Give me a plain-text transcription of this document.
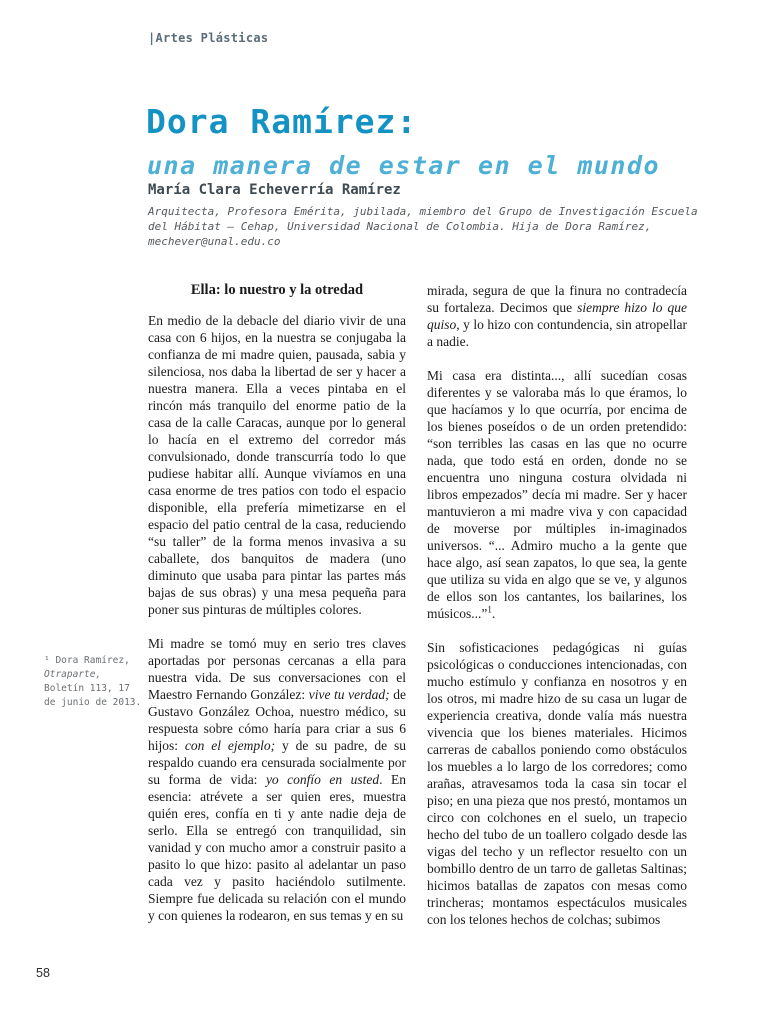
|Artes Plásticas
Dora Ramírez:
una manera de estar en el mundo
María Clara Echeverría Ramírez
Arquitecta, Profesora Emérita, jubilada, miembro del Grupo de Investigación Escuela del Hábitat – Cehap, Universidad Nacional de Colombia. Hija de Dora Ramírez, mechever@unal.edu.co
Ella: lo nuestro y la otredad

En medio de la debacle del diario vivir de una casa con 6 hijos, en la nuestra se conjugaba la confianza de mi madre quien, pausada, sabia y silenciosa, nos daba la libertad de ser y hacer a nuestra manera. Ella a veces pintaba en el rincón más tranquilo del enorme patio de la casa de la calle Caracas, aunque por lo general lo hacía en el extremo del corredor más convulsionado, donde transcurría todo lo que pudiese habitar allí. Aunque vivíamos en una casa enorme de tres patios con todo el espacio disponible, ella prefería mimetizarse en el espacio del patio central de la casa, reduciendo “su taller” de la forma menos invasiva a su caballete, dos banquitos de madera (uno diminuto que usaba para pintar las partes más bajas de sus obras) y una mesa pequeña para poner sus pinturas de múltiples colores.

Mi madre se tomó muy en serio tres claves aportadas por personas cercanas a ella para nuestra vida. De sus conversaciones con el Maestro Fernando González: vive tu verdad; de Gustavo González Ochoa, nuestro médico, su respuesta sobre cómo haría para criar a sus 6 hijos: con el ejemplo; y de su padre, de su respaldo cuando era censurada socialmente por su forma de vida: yo confío en usted. En esencia: atrévete a ser quien eres, muestra quién eres, confía en ti y ante nadie deja de serlo. Ella se entregó con tranquilidad, sin vanidad y con mucho amor a construir pasito a pasito lo que hizo: pasito al adelantar un paso cada vez y pasito haciéndolo sutilmente. Siempre fue delicada su relación con el mundo y con quienes la rodearon, en sus temas y en su

mirada, segura de que la finura no contradecía su fortaleza. Decimos que siempre hizo lo que quiso, y lo hizo con contundencia, sin atropellar a nadie.

Mi casa era distinta..., allí sucedían cosas diferentes y se valoraba más lo que éramos, lo que hacíamos y lo que ocurría, por encima de los bienes poseídos o de un orden pretendido: “son terribles las casas en las que no ocurre nada, que todo está en orden, donde no se encuentra uno ninguna costura olvidada ni libros empezados” decía mi madre. Ser y hacer mantuvieron a mi madre viva y con capacidad de moverse por múltiples in-imaginados universos. “... Admiro mucho a la gente que hace algo, así sean zapatos, lo que sea, la gente que utiliza su vida en algo que se ve, y algunos de ellos son los cantantes, los bailarines, los músicos...”$^1$.

Sin sofisticaciones pedagógicas ni guías psicológicas o conducciones intencionadas, con mucho estímulo y confianza en nosotros y en los otros, mi madre hizo de su casa un lugar de experiencia creativa, donde valía más nuestra vivencia que los bienes materiales. Hicimos carreras de caballos poniendo como obstáculos los muebles a lo largo de los corredores; como arañas, atravesamos toda la casa sin tocar el piso; en una pieza que nos prestó, montamos un circo con colchones en el suelo, un trapecio hecho del tubo de un toallero colgado desde las vigas del techo y un reflector resuelto con un bombillo dentro de un tarro de galletas Saltinas; hicimos batallas de zapatos con mesas como trincheras; montamos espectáculos musicales con los telones hechos de colchas; subimos

¹ Dora Ramírez, Otraparte, Boletín 113, 17 de junio de 2013.
58
